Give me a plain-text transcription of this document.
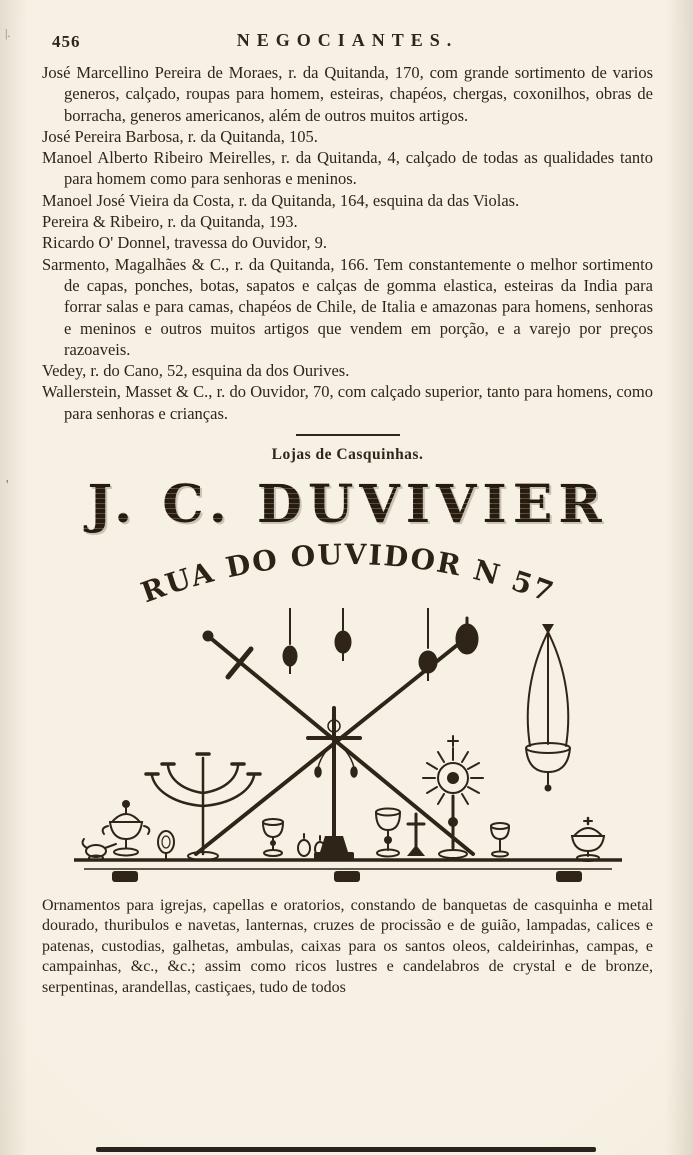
|.
'
456	NEGOCIANTES.

José Marcellino Pereira de Moraes, r. da Quitanda, 170, com grande sortimento de varios generos, calçado, roupas para homem, esteiras, chapéos, chergas, coxonilhos, obras de borracha, generos americanos, além de outros muitos artigos.

José Pereira Barbosa, r. da Quitanda, 105.

Manoel Alberto Ribeiro Meirelles, r. da Quitanda, 4, calçado de todas as qualidades tanto para homem como para senhoras e meninos.

Manoel José Vieira da Costa, r. da Quitanda, 164, esquina da das Violas.

Pereira & Ribeiro, r. da Quitanda, 193.

Ricardo O' Donnel, travessa do Ouvidor, 9.

Sarmento, Magalhães & C., r. da Quitanda, 166. Tem constantemente o melhor sortimento de capas, ponches, botas, sapatos e calças de gomma elastica, esteiras da India para forrar salas e para camas, chapéos de Chile, de Italia e amazonas para homens, senhoras e meninos e outros muitos artigos que vendem em porção, e a varejo por preços razoaveis.

Vedey, r. do Cano, 52, esquina da dos Ourives.

Wallerstein, Masset & C., r. do Ouvidor, 70, com calçado superior, tanto para homens, como para senhoras e crianças.

Lojas de Casquinhas.
J. C. DUVIVIER
RUA DO OUVIDOR N 57

Ornamentos para igrejas, capellas e oratorios, constando de banquetas de casquinha e metal dourado, thuribulos e navetas, lanternas, cruzes de procissão e de guião, lampadas, calices e patenas, custodias, galhetas, ambulas, caixas para os santos oleos, caldeirinhas, campas, e campainhas, &c., &c.; assim como ricos lustres e candelabros de crystal e de bronze, serpentinas, arandellas, castiçaes, tudo de todos
